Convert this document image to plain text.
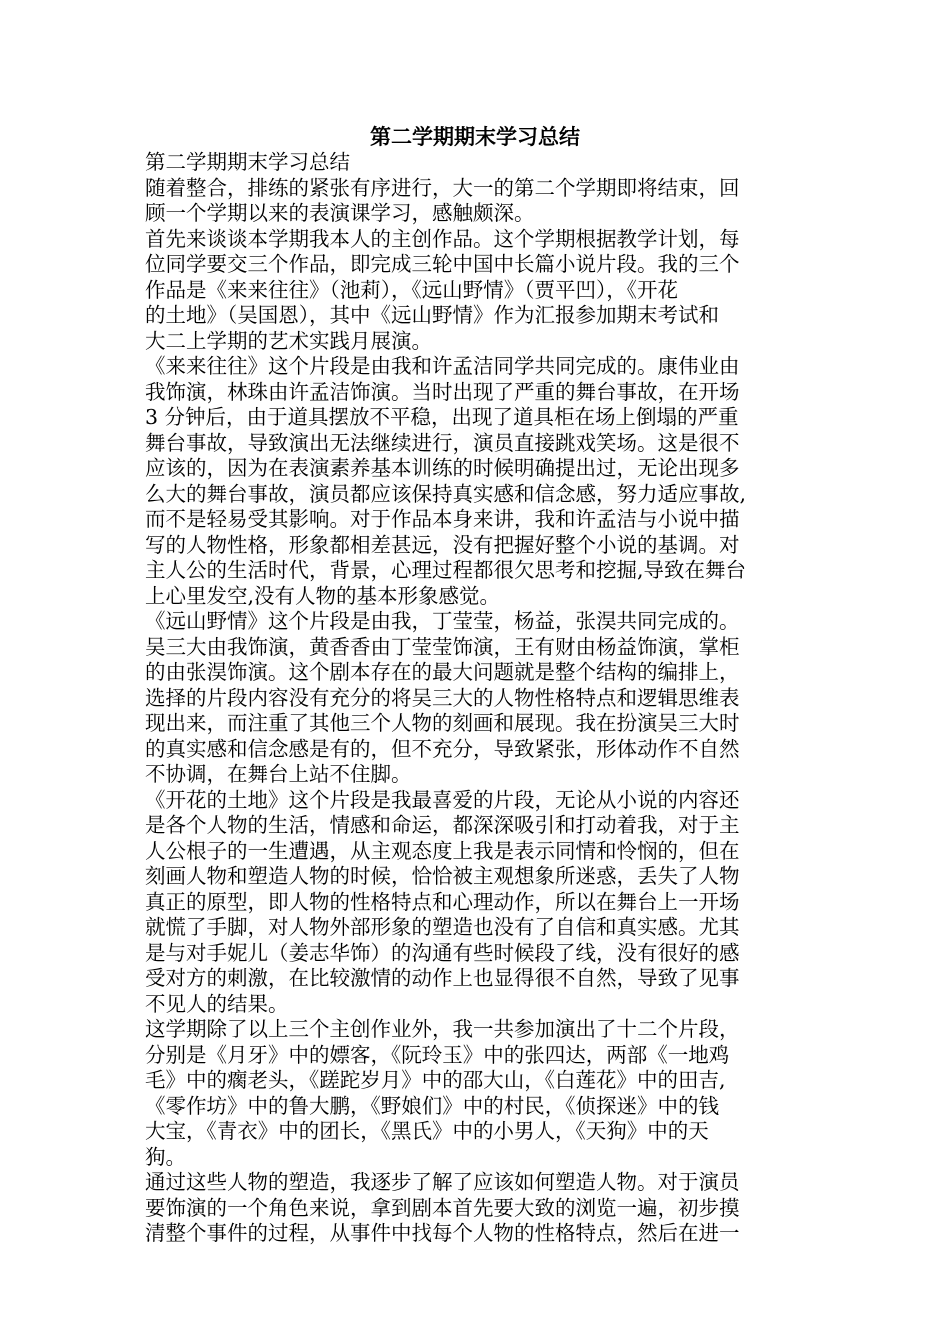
第二学期期末学习总结
第二学期期末学习总结
随着整合，排练的紧张有序进行，大一的第二个学期即将结束，回
顾一个学期以来的表演课学习，感触颇深。
首先来谈谈本学期我本人的主创作品。这个学期根据教学计划，每
位同学要交三个作品，即完成三轮中国中长篇小说片段。我的三个
作品是《来来往往》（池莉），《远山野情》（贾平凹），《开花
的土地》（吴国恩），其中《远山野情》作为汇报参加期末考试和
大二上学期的艺术实践月展演。
《来来往往》这个片段是由我和许孟洁同学共同完成的。康伟业由
我饰演，林珠由许孟洁饰演。当时出现了严重的舞台事故，在开场
3 分钟后，由于道具摆放不平稳，出现了道具柜在场上倒塌的严重
舞台事故，导致演出无法继续进行，演员直接跳戏笑场。这是很不
应该的，因为在表演素养基本训练的时候明确提出过，无论出现多
么大的舞台事故，演员都应该保持真实感和信念感，努力适应事故,
而不是轻易受其影响。对于作品本身来讲，我和许孟洁与小说中描
写的人物性格，形象都相差甚远，没有把握好整个小说的基调。对
主人公的生活时代，背景，心理过程都很欠思考和挖掘,导致在舞台
上心里发空,没有人物的基本形象感觉。
《远山野情》这个片段是由我，丁莹莹，杨益，张淏共同完成的。
吴三大由我饰演，黄香香由丁莹莹饰演，王有财由杨益饰演，掌柜
的由张淏饰演。这个剧本存在的最大问题就是整个结构的编排上，
选择的片段内容没有充分的将吴三大的人物性格特点和逻辑思维表
现出来，而注重了其他三个人物的刻画和展现。我在扮演吴三大时
的真实感和信念感是有的，但不充分，导致紧张，形体动作不自然
不协调，在舞台上站不住脚。
《开花的土地》这个片段是我最喜爱的片段，无论从小说的内容还
是各个人物的生活，情感和命运，都深深吸引和打动着我，对于主
人公根子的一生遭遇，从主观态度上我是表示同情和怜悯的，但在
刻画人物和塑造人物的时候，恰恰被主观想象所迷惑，丢失了人物
真正的原型，即人物的性格特点和心理动作，所以在舞台上一开场
就慌了手脚，对人物外部形象的塑造也没有了自信和真实感。尤其
是与对手妮儿（姜志华饰）的沟通有些时候段了线，没有很好的感
受对方的刺激，在比较激情的动作上也显得很不自然，导致了见事
不见人的结果。
这学期除了以上三个主创作业外，我一共参加演出了十二个片段，
分别是《月牙》中的嫖客，《阮玲玉》中的张四达，两部《一地鸡
毛》中的瘸老头，《蹉跎岁月》中的邵大山，《白莲花》中的田吉,
《零作坊》中的鲁大鹏，《野娘们》中的村民，《侦探迷》中的钱
大宝，《青衣》中的团长，《黑氏》中的小男人，《天狗》中的天
狗。
通过这些人物的塑造，我逐步了解了应该如何塑造人物。对于演员
要饰演的一个角色来说，拿到剧本首先要大致的浏览一遍，初步摸
清整个事件的过程，从事件中找每个人物的性格特点，然后在进一
